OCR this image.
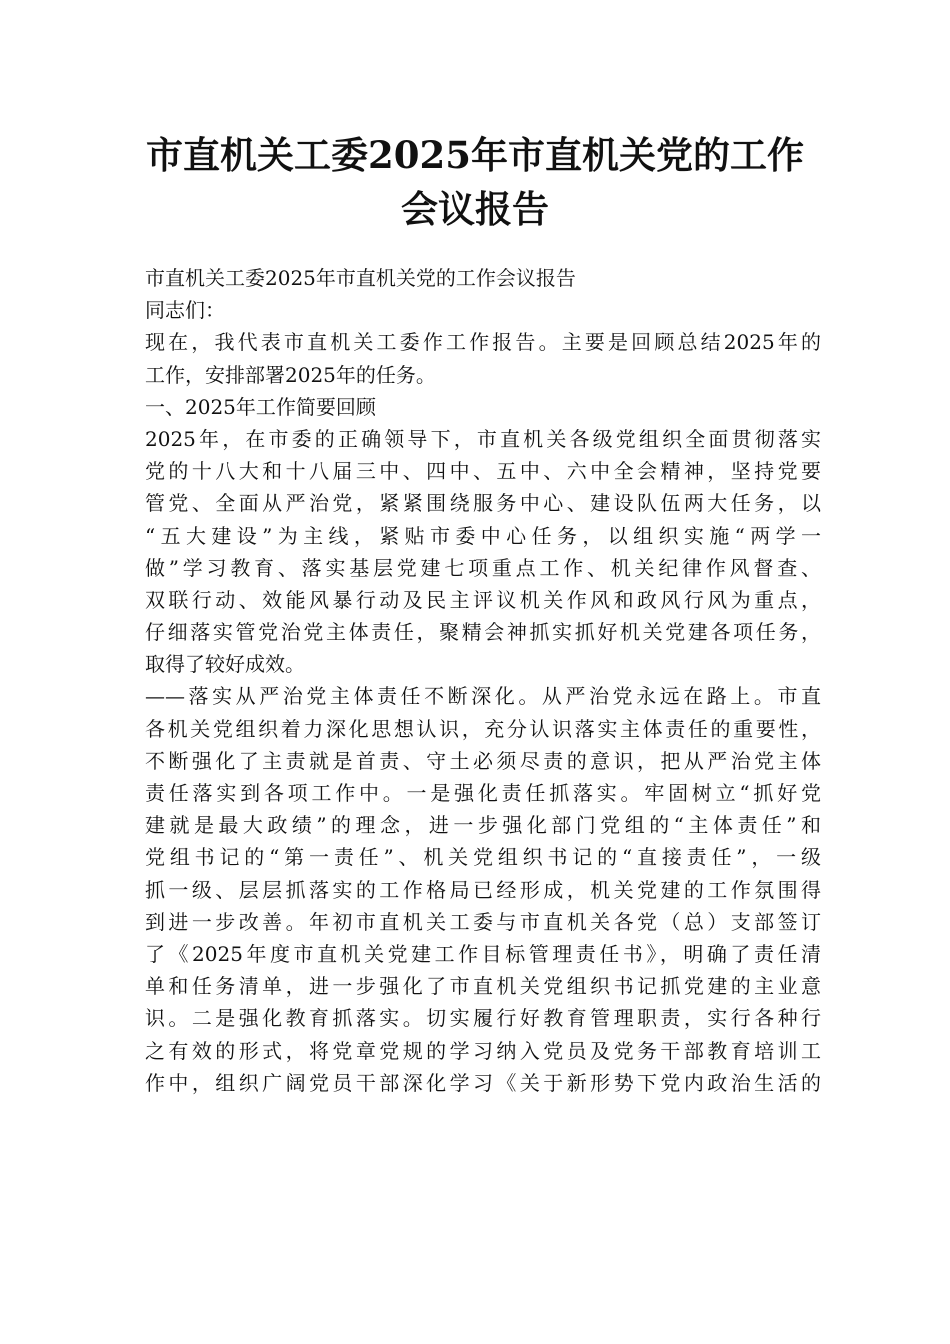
市直机关工委2025年市直机关党的工作会议报告
市直机关工委2025年市直机关党的工作会议报告
同志们：
现在，我代表市直机关工委作工作报告。主要是回顾总结2025年的
工作，安排部署2025年的任务。
一、2025年工作简要回顾
2025年，在市委的正确领导下，市直机关各级党组织全面贯彻落实
党的十八大和十八届三中、四中、五中、六中全会精神，坚持党要
管党、全面从严治党，紧紧围绕服务中心、建设队伍两大任务，以
“五大建设”为主线，紧贴市委中心任务，以组织实施“两学一
做”学习教育、落实基层党建七项重点工作、机关纪律作风督查、
双联行动、效能风暴行动及民主评议机关作风和政风行风为重点，
仔细落实管党治党主体责任，聚精会神抓实抓好机关党建各项任务，
取得了较好成效。
——落实从严治党主体责任不断深化。从严治党永远在路上。市直
各机关党组织着力深化思想认识，充分认识落实主体责任的重要性，
不断强化了主责就是首责、守土必须尽责的意识，把从严治党主体
责任落实到各项工作中。一是强化责任抓落实。牢固树立“抓好党
建就是最大政绩”的理念，进一步强化部门党组的“主体责任”和
党组书记的“第一责任”、机关党组织书记的“直接责任”，一级
抓一级、层层抓落实的工作格局已经形成，机关党建的工作氛围得
到进一步改善。年初市直机关工委与市直机关各党（总）支部签订
了《2025年度市直机关党建工作目标管理责任书》，明确了责任清
单和任务清单，进一步强化了市直机关党组织书记抓党建的主业意
识。二是强化教育抓落实。切实履行好教育管理职责，实行各种行
之有效的形式，将党章党规的学习纳入党员及党务干部教育培训工
作中，组织广阔党员干部深化学习《关于新形势下党内政治生活的
